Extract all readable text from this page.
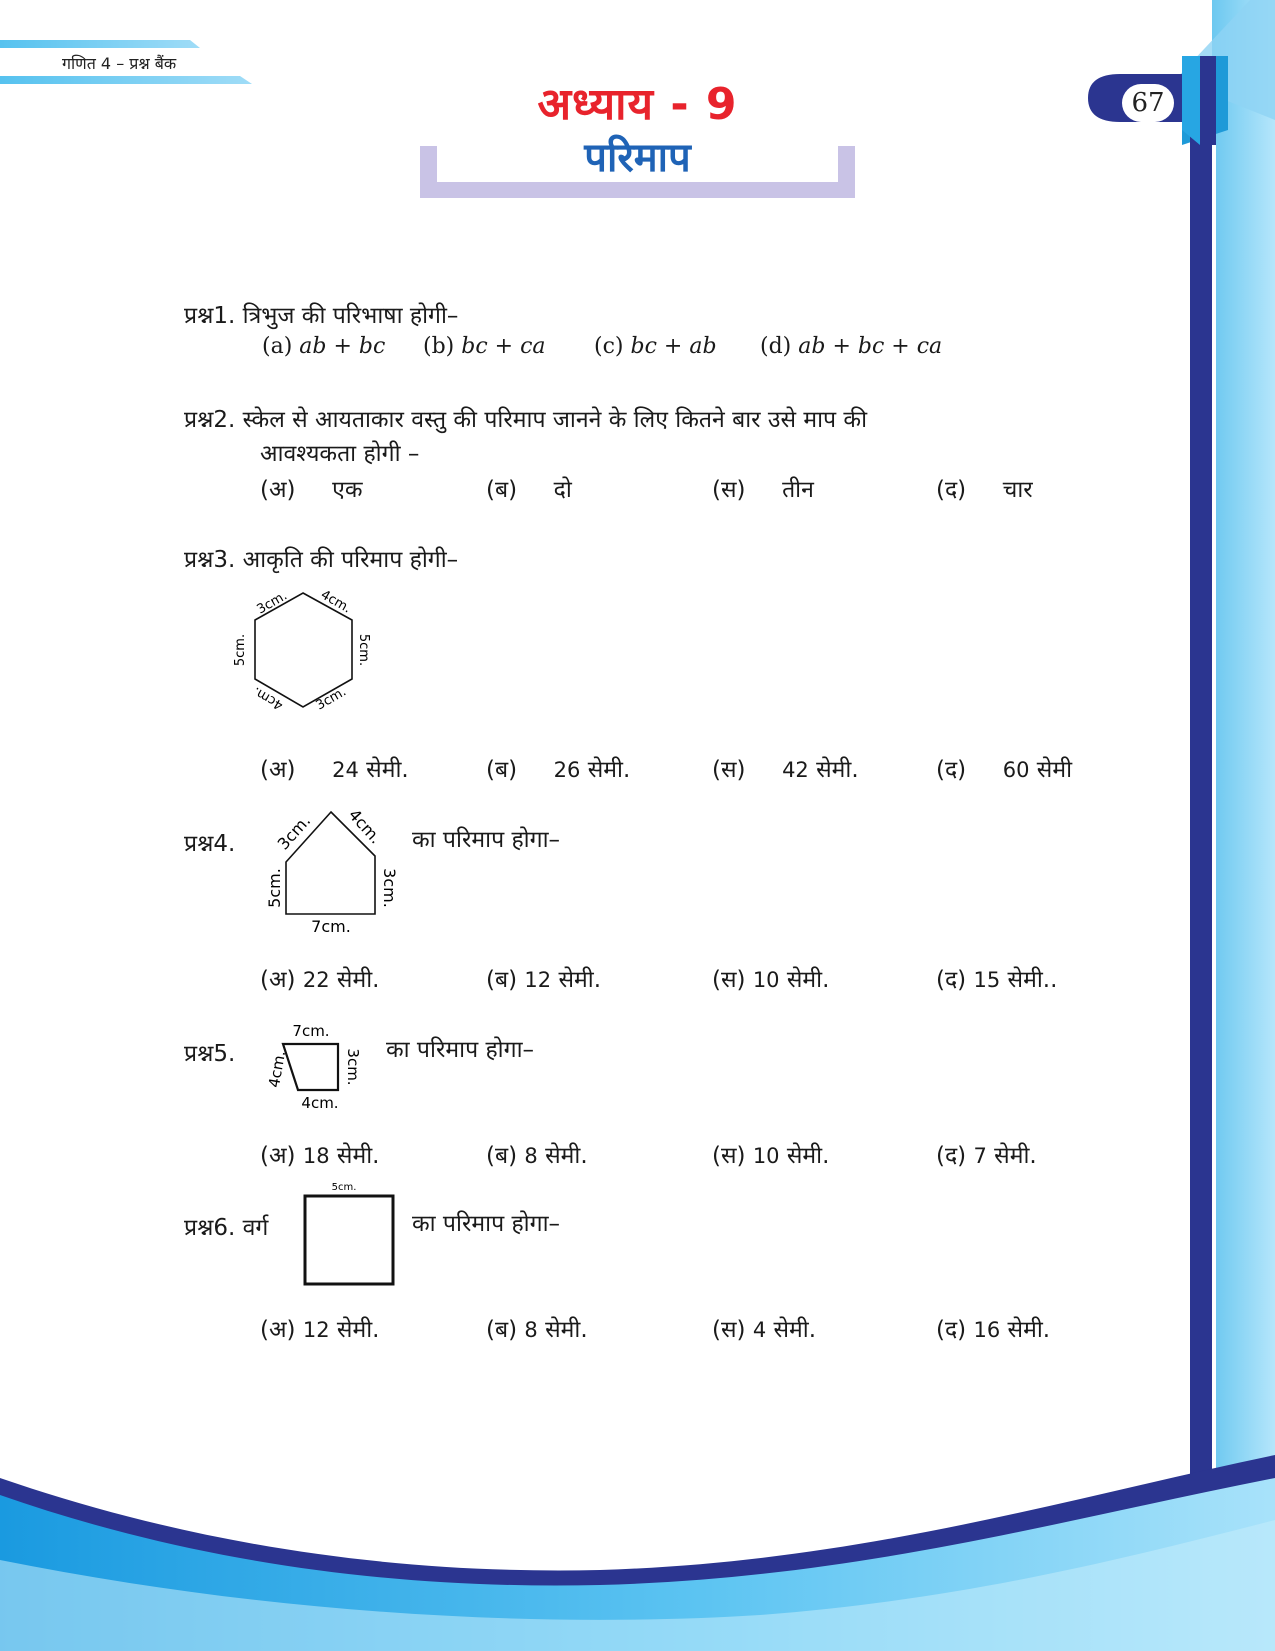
गणित 4 – प्रश्न बैंक
67
अध्याय - 9
परिमाप
प्रश्न1. त्रिभुज की परिभाषा होगी–
(a) ab + bc (b) bc + ca (c) bc + ab (d) ab + bc + ca
प्रश्न2. स्केल से आयताकार वस्तु की परिमाप जानने के लिए कितने बार उसे माप की
आवश्यकता होगी –
(अ) एक	(ब) दो	(स) तीन	(द) चार
प्रश्न3. आकृति की परिमाप होगी–
3cm. 4cm.
5cm.
3cm.
4cm.
5cm.
(अ) 24 सेमी.	(ब) 26 सेमी.	(स) 42 सेमी.	(द) 60 सेमी
प्रश्न4. 3cm. 4cm.
3cm.
7cm.
5cm.
का परिमाप होगा–
(अ) 22 सेमी.	(ब) 12 सेमी.	(स) 10 सेमी.	(द) 15 सेमी..
प्रश्न5.
7cm.
3cm.
4cm.
4cm.	का परिमाप होगा–
(अ) 18 सेमी.	(ब) 8 सेमी.	(स) 10 सेमी.	(द) 7 सेमी.
प्रश्न6. वर्ग
5cm.
का परिमाप होगा–
(अ) 12 सेमी.	(ब) 8 सेमी.	(स) 4 सेमी.	(द) 16 सेमी.
